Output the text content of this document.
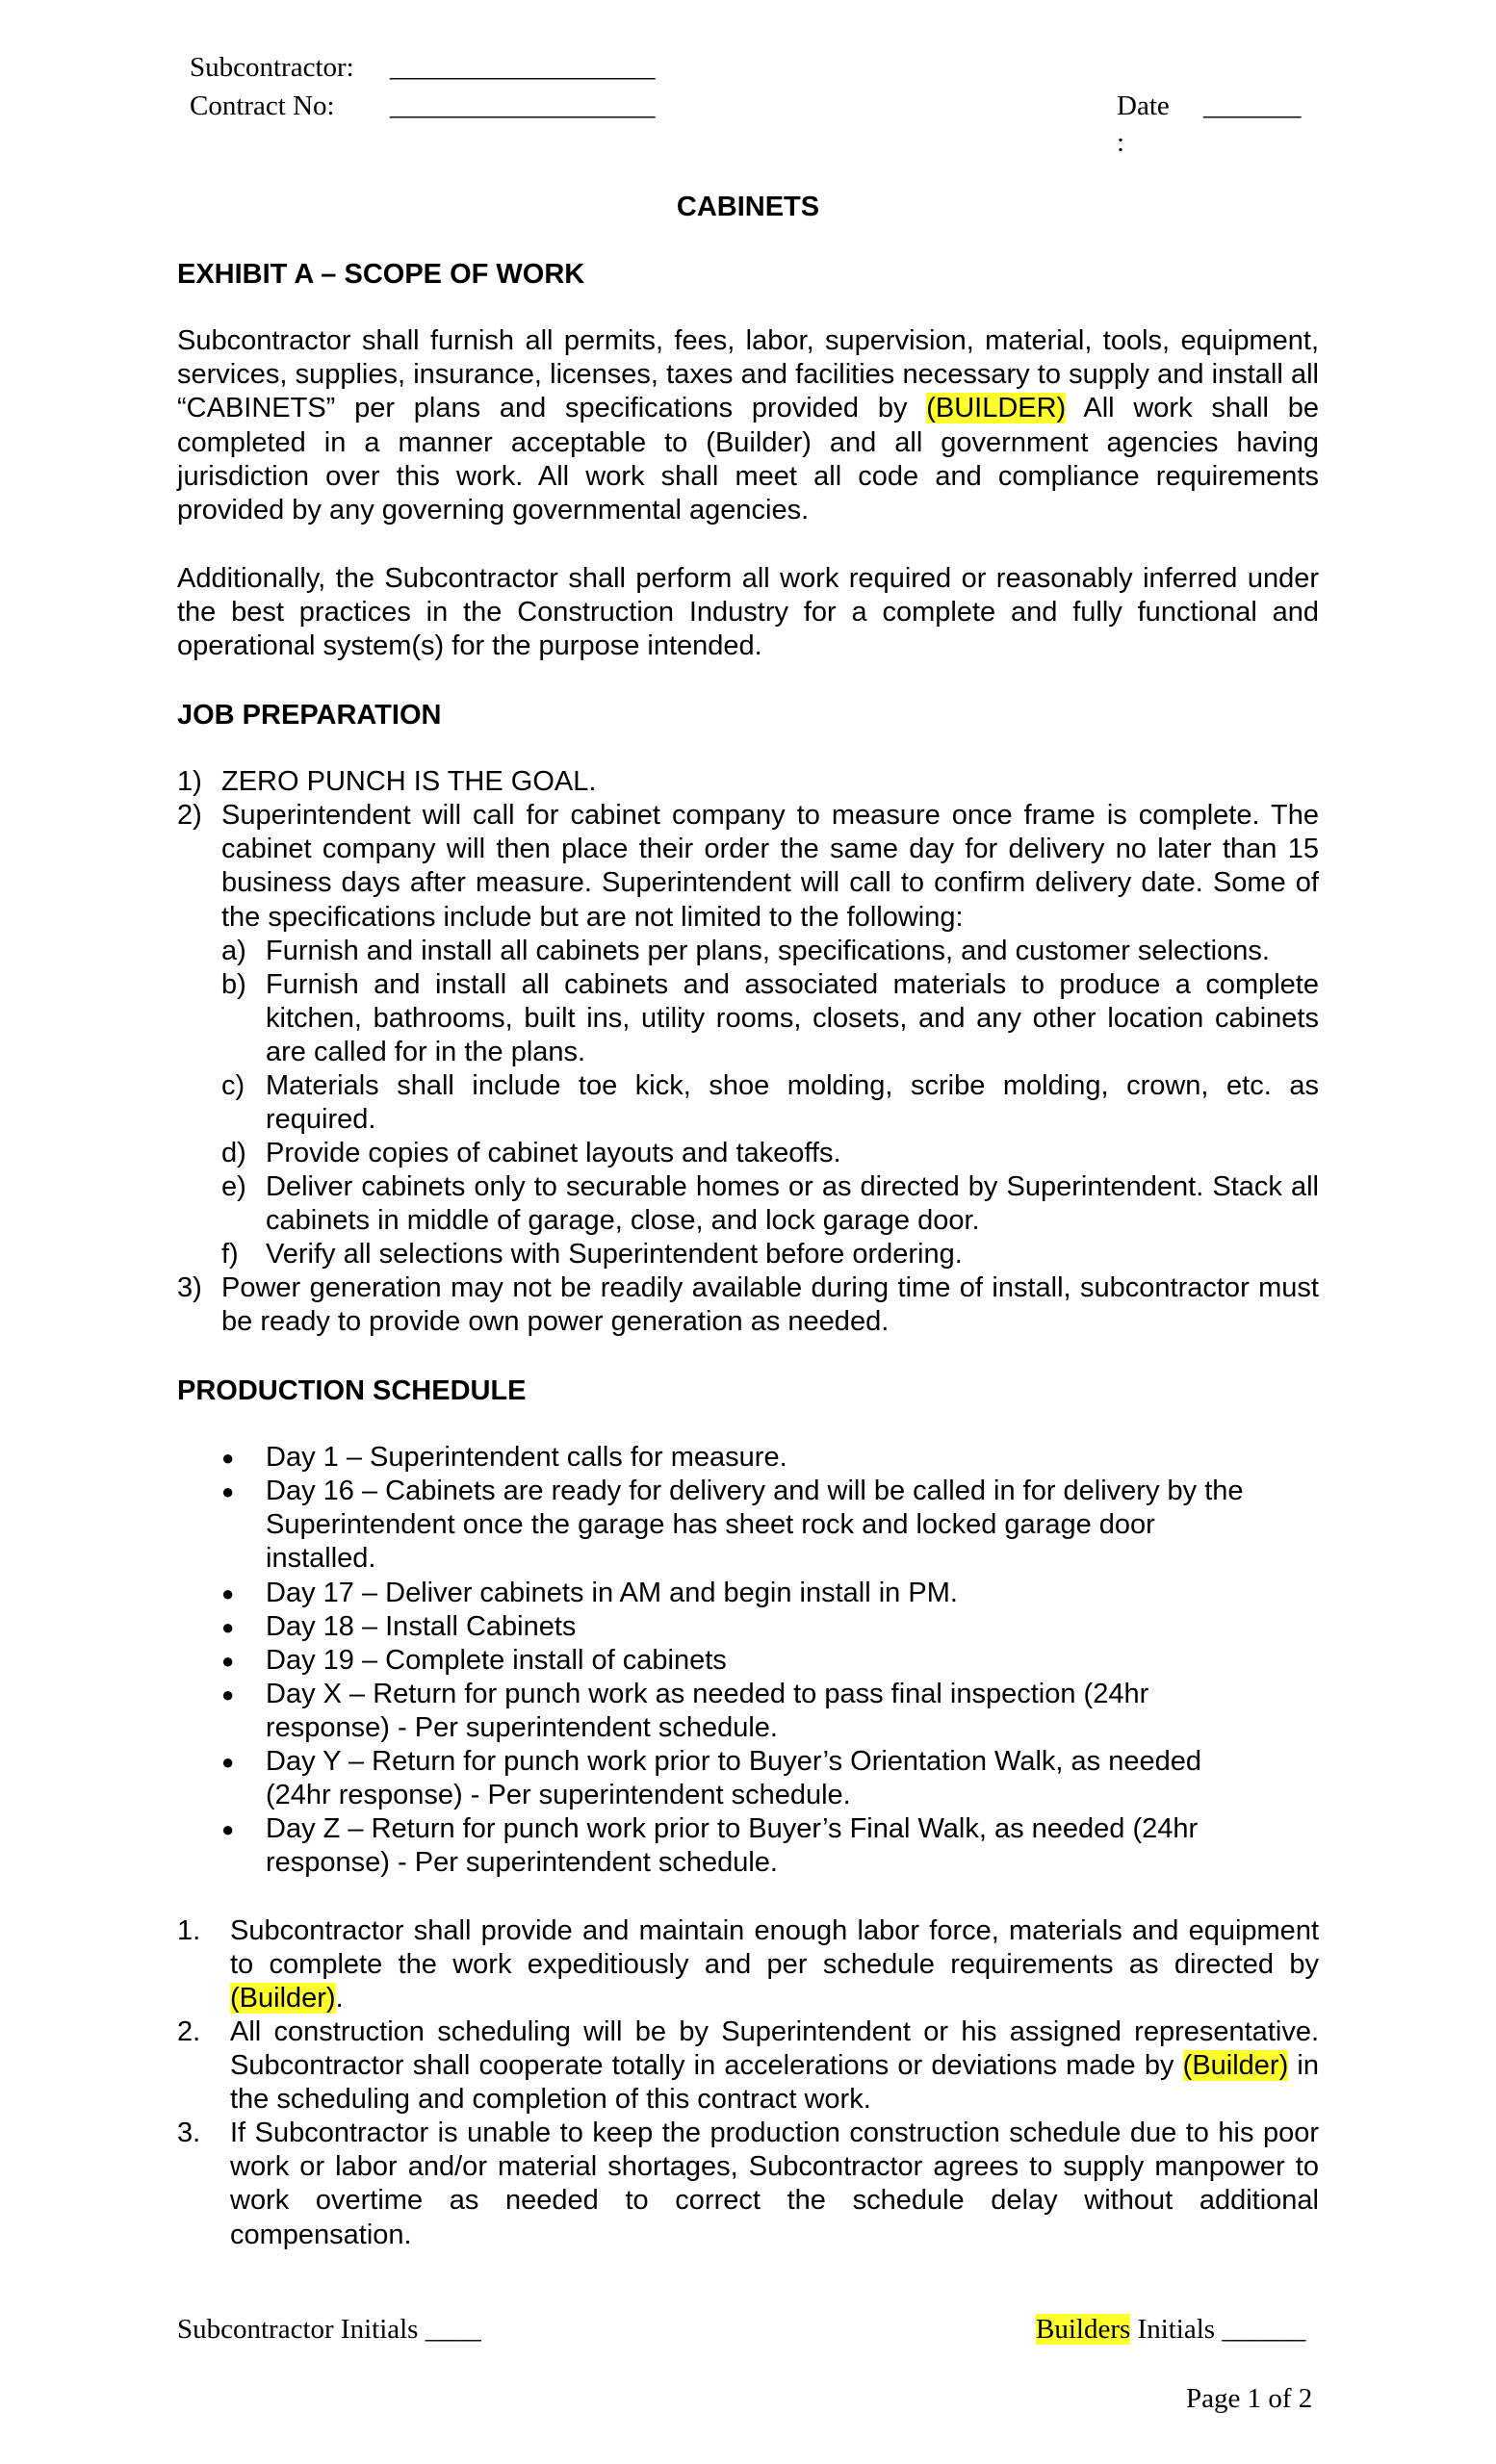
Subcontractor: ___________________
Contract No: ___________________	Date _______
:
CABINETS
EXHIBIT A – SCOPE OF WORK
Subcontractor shall furnish all permits, fees, labor, supervision, material, tools, equipment, services, supplies, insurance, licenses, taxes and facilities necessary to supply and install all “CABINETS” per plans and specifications provided by (BUILDER) All work shall be completed in a manner acceptable to (Builder) and all government agencies having jurisdiction over this work. All work shall meet all code and compliance requirements provided by any governing governmental agencies.
Additionally, the Subcontractor shall perform all work required or reasonably inferred under the best practices in the Construction Industry for a complete and fully functional and operational system(s) for the purpose intended.
JOB PREPARATION
1) ZERO PUNCH IS THE GOAL.
2) Superintendent will call for cabinet company to measure once frame is complete. The cabinet company will then place their order the same day for delivery no later than 15 business days after measure. Superintendent will call to confirm delivery date. Some of the specifications include but are not limited to the following:
a) Furnish and install all cabinets per plans, specifications, and customer selections.
b) Furnish and install all cabinets and associated materials to produce a complete kitchen, bathrooms, built ins, utility rooms, closets, and any other location cabinets are called for in the plans.
c) Materials shall include toe kick, shoe molding, scribe molding, crown, etc. as required.
d) Provide copies of cabinet layouts and takeoffs.
e) Deliver cabinets only to securable homes or as directed by Superintendent. Stack all cabinets in middle of garage, close, and lock garage door.
f) Verify all selections with Superintendent before ordering.
3) Power generation may not be readily available during time of install, subcontractor must be ready to provide own power generation as needed.
PRODUCTION SCHEDULE
● Day 1 – Superintendent calls for measure.
● Day 16 – Cabinets are ready for delivery and will be called in for delivery by the Superintendent once the garage has sheet rock and locked garage door installed.
● Day 17 – Deliver cabinets in AM and begin install in PM.
● Day 18 – Install Cabinets
● Day 19 – Complete install of cabinets
● Day X – Return for punch work as needed to pass final inspection (24hr response) - Per superintendent schedule.
● Day Y – Return for punch work prior to Buyer’s Orientation Walk, as needed (24hr response) - Per superintendent schedule.
● Day Z – Return for punch work prior to Buyer’s Final Walk, as needed (24hr response) - Per superintendent schedule.
1. Subcontractor shall provide and maintain enough labor force, materials and equipment to complete the work expeditiously and per schedule requirements as directed by (Builder).
2. All construction scheduling will be by Superintendent or his assigned representative. Subcontractor shall cooperate totally in accelerations or deviations made by (Builder) in the scheduling and completion of this contract work.
3. If Subcontractor is unable to keep the production construction schedule due to his poor work or labor and/or material shortages, Subcontractor agrees to supply manpower to work overtime as needed to correct the schedule delay without additional compensation.
Subcontractor Initials ____	Builders Initials ______
Page 1 of 2
